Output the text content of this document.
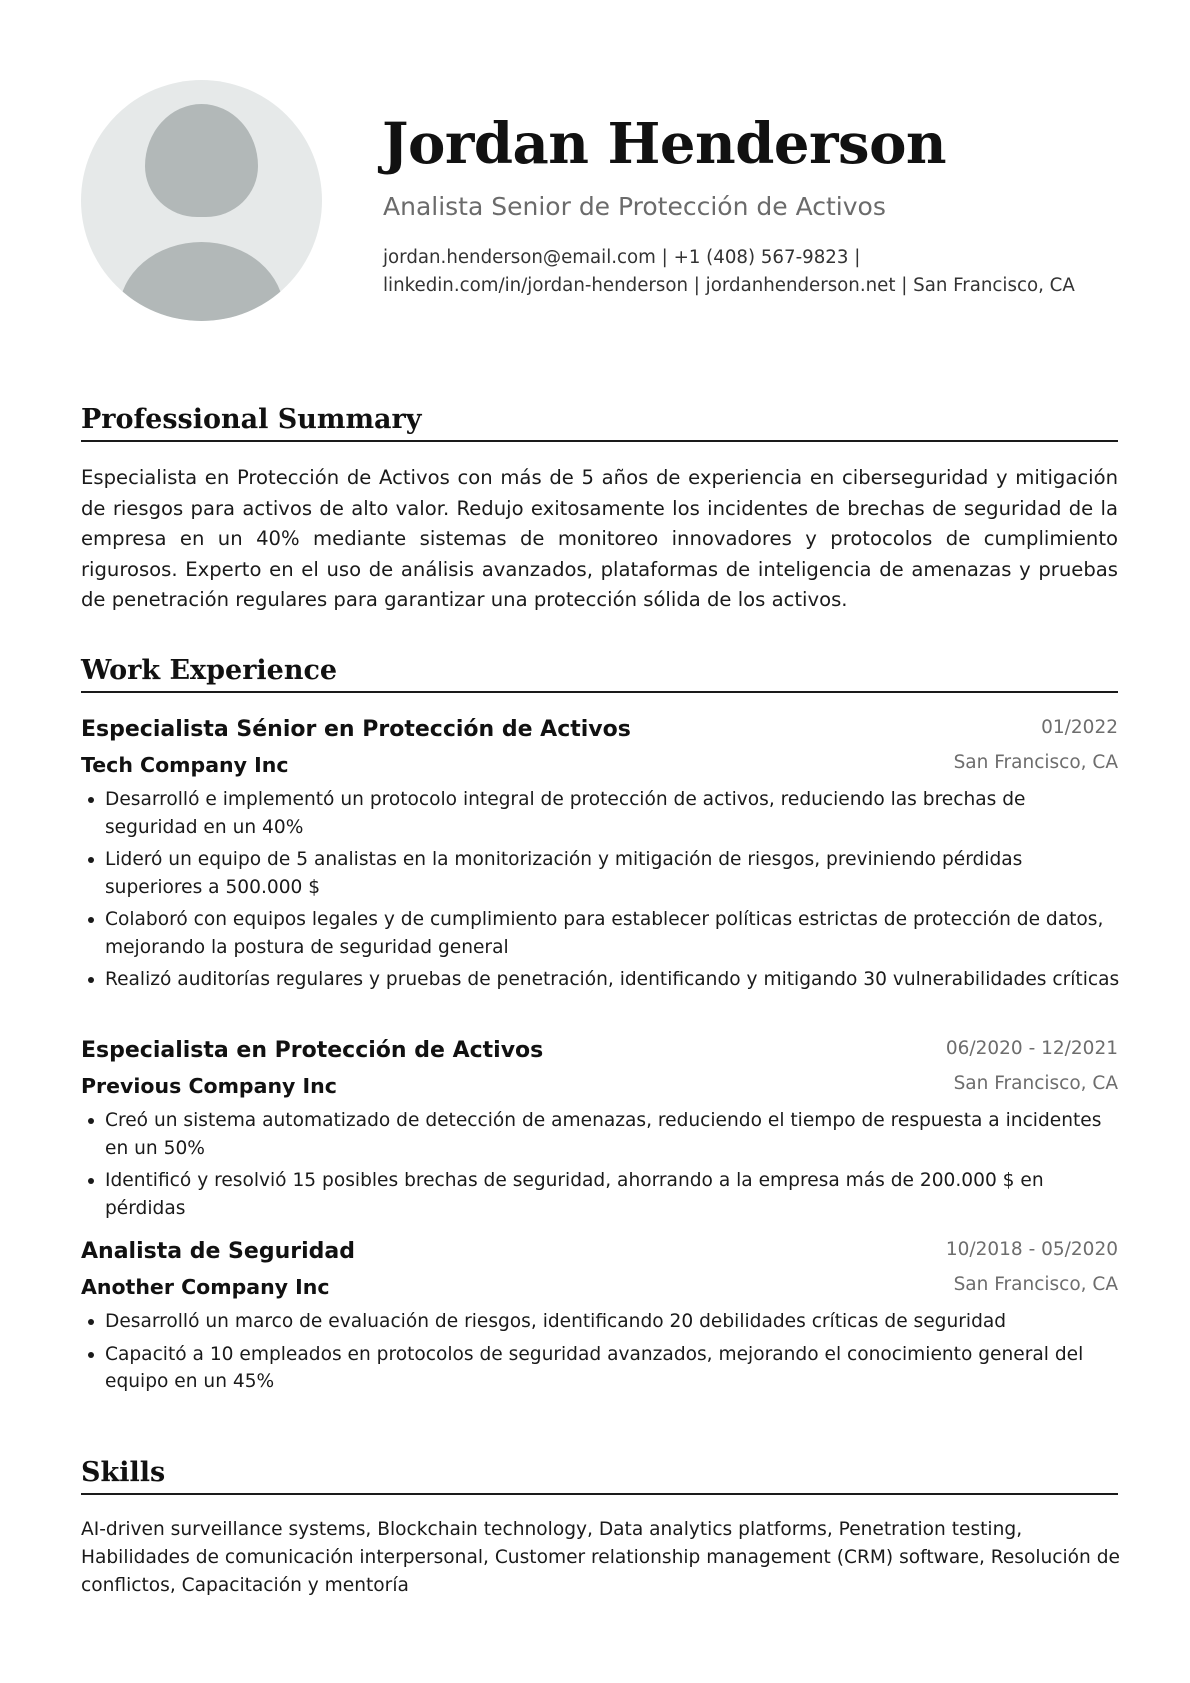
Jordan Henderson
Analista Senior de Protección de Activos
jordan.henderson@email.com | +1 (408) 567-9823 |
linkedin.com/in/jordan-henderson | jordanhenderson.net | San Francisco, CA
Professional Summary
Especialista en Protección de Activos con más de 5 años de experiencia en ciberseguridad y mitigación de riesgos para activos de alto valor. Redujo exitosamente los incidentes de brechas de seguridad de la empresa en un 40% mediante sistemas de monitoreo innovadores y protocolos de cumplimiento rigurosos. Experto en el uso de análisis avanzados, plataformas de inteligencia de amenazas y pruebas de penetración regulares para garantizar una protección sólida de los activos.
Work Experience
Especialista Sénior en Protección de Activos	01/2022
Tech Company Inc	San Francisco, CA
Desarrolló e implementó un protocolo integral de protección de activos, reduciendo las brechas de seguridad en un 40%
Lideró un equipo de 5 analistas en la monitorización y mitigación de riesgos, previniendo pérdidas superiores a 500.000 $
Colaboró con equipos legales y de cumplimiento para establecer políticas estrictas de protección de datos, mejorando la postura de seguridad general
Realizó auditorías regulares y pruebas de penetración, identificando y mitigando 30 vulnerabilidades críticas
Especialista en Protección de Activos	06/2020 - 12/2021
Previous Company Inc	San Francisco, CA
Creó un sistema automatizado de detección de amenazas, reduciendo el tiempo de respuesta a incidentes en un 50%
Identificó y resolvió 15 posibles brechas de seguridad, ahorrando a la empresa más de 200.000 $ en pérdidas
Analista de Seguridad	10/2018 - 05/2020
Another Company Inc	San Francisco, CA
Desarrolló un marco de evaluación de riesgos, identificando 20 debilidades críticas de seguridad
Capacitó a 10 empleados en protocolos de seguridad avanzados, mejorando el conocimiento general del equipo en un 45%
Skills
AI-driven surveillance systems, Blockchain technology, Data analytics platforms, Penetration testing, Habilidades de comunicación interpersonal, Customer relationship management (CRM) software, Resolución de conflictos, Capacitación y mentoría
